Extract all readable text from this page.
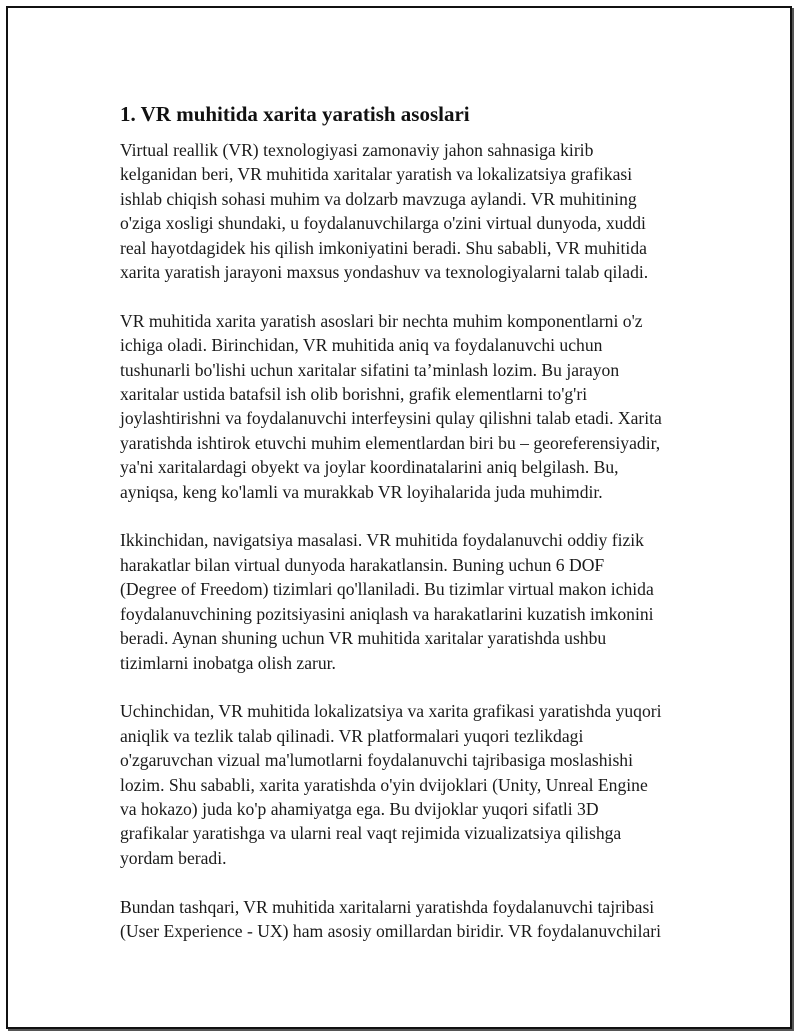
1. VR muhitida xarita yaratish asoslari

Virtual reallik (VR) texnologiyasi zamonaviy jahon sahnasiga kirib
kelganidan beri, VR muhitida xaritalar yaratish va lokalizatsiya grafikasi
ishlab chiqish sohasi muhim va dolzarb mavzuga aylandi. VR muhitining
o'ziga xosligi shundaki, u foydalanuvchilarga o'zini virtual dunyoda, xuddi
real hayotdagidek his qilish imkoniyatini beradi. Shu sababli, VR muhitida
xarita yaratish jarayoni maxsus yondashuv va texnologiyalarni talab qiladi.

VR muhitida xarita yaratish asoslari bir nechta muhim komponentlarni o'z
ichiga oladi. Birinchidan, VR muhitida aniq va foydalanuvchi uchun
tushunarli bo'lishi uchun xaritalar sifatini ta’minlash lozim. Bu jarayon
xaritalar ustida batafsil ish olib borishni, grafik elementlarni to'g'ri
joylashtirishni va foydalanuvchi interfeysini qulay qilishni talab etadi. Xarita
yaratishda ishtirok etuvchi muhim elementlardan biri bu – georeferensiyadir,
ya'ni xaritalardagi obyekt va joylar koordinatalarini aniq belgilash. Bu,
ayniqsa, keng ko'lamli va murakkab VR loyihalarida juda muhimdir.

Ikkinchidan, navigatsiya masalasi. VR muhitida foydalanuvchi oddiy fizik
harakatlar bilan virtual dunyoda harakatlansin. Buning uchun 6 DOF
(Degree of Freedom) tizimlari qo'llaniladi. Bu tizimlar virtual makon ichida
foydalanuvchining pozitsiyasini aniqlash va harakatlarini kuzatish imkonini
beradi. Aynan shuning uchun VR muhitida xaritalar yaratishda ushbu
tizimlarni inobatga olish zarur.

Uchinchidan, VR muhitida lokalizatsiya va xarita grafikasi yaratishda yuqori
aniqlik va tezlik talab qilinadi. VR platformalari yuqori tezlikdagi
o'zgaruvchan vizual ma'lumotlarni foydalanuvchi tajribasiga moslashishi
lozim. Shu sababli, xarita yaratishda o'yin dvijoklari (Unity, Unreal Engine
va hokazo) juda ko'p ahamiyatga ega. Bu dvijoklar yuqori sifatli 3D
grafikalar yaratishga va ularni real vaqt rejimida vizualizatsiya qilishga
yordam beradi.

Bundan tashqari, VR muhitida xaritalarni yaratishda foydalanuvchi tajribasi
(User Experience - UX) ham asosiy omillardan biridir. VR foydalanuvchilari
